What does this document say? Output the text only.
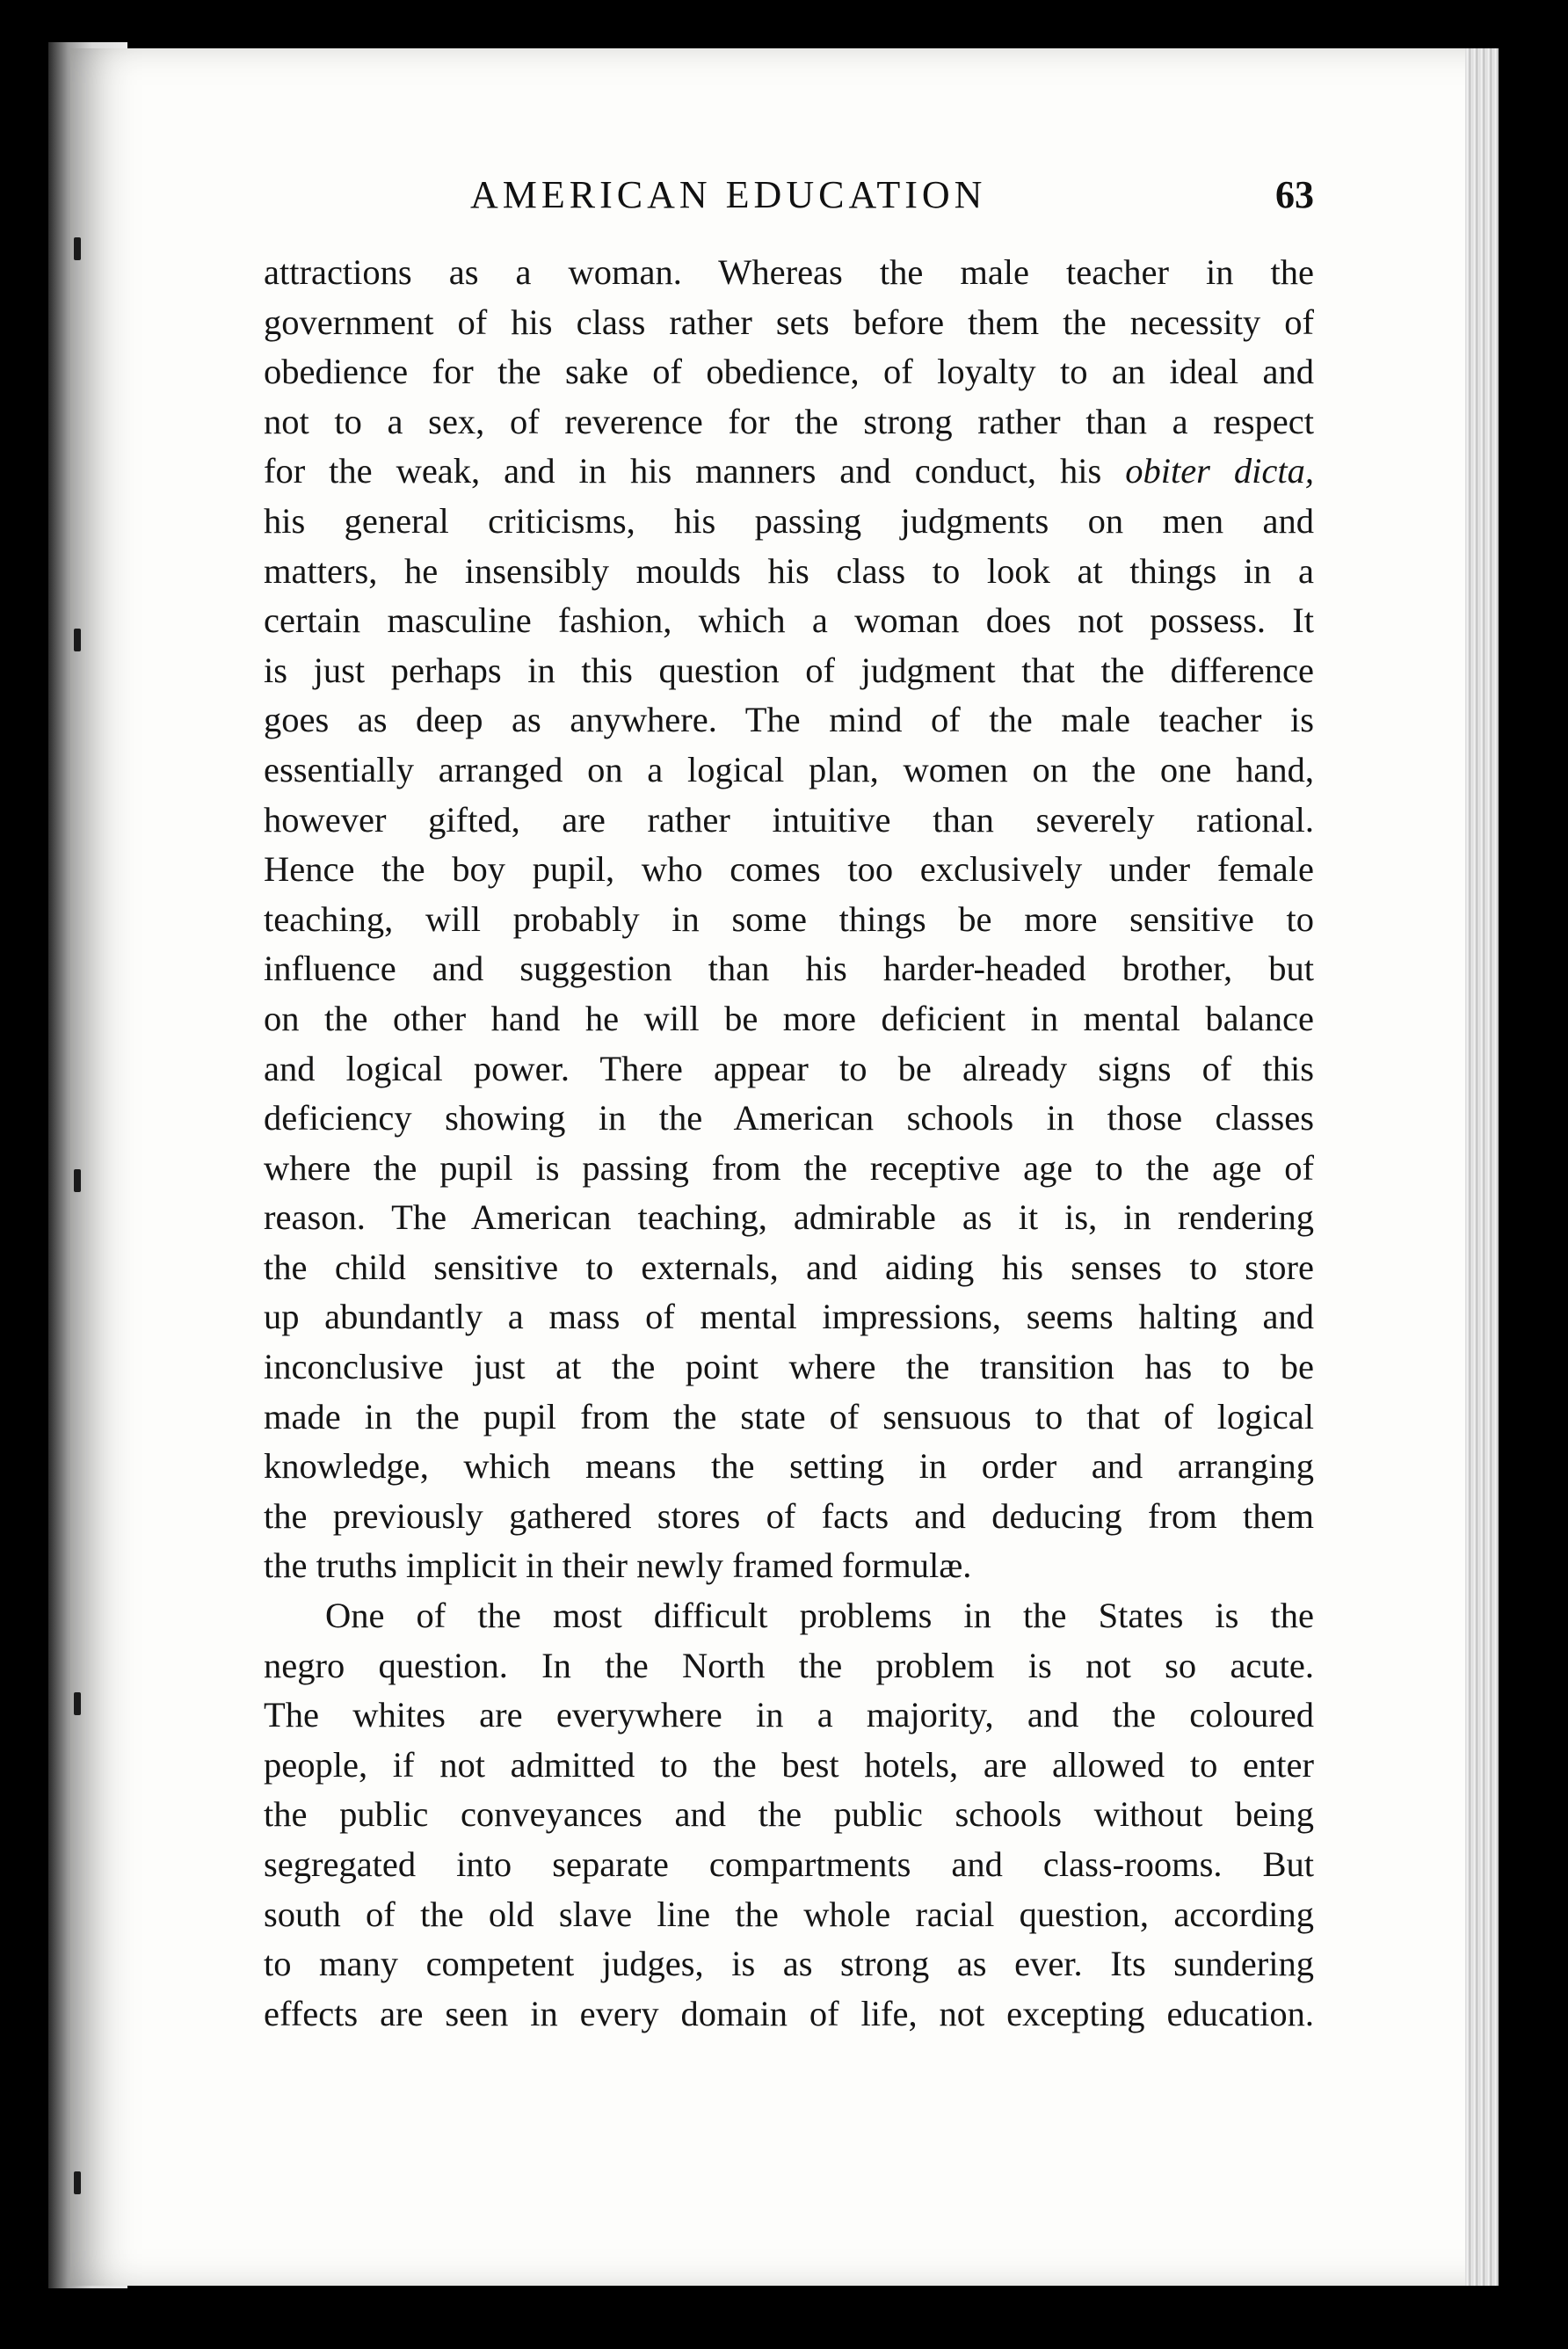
AMERICAN EDUCATION	63
attractions as a woman. Whereas the male teacher in the
government of his class rather sets before them the necessity of
obedience for the sake of obedience, of loyalty to an ideal and
not to a sex, of reverence for the strong rather than a respect
for the weak, and in his manners and conduct, his obiter dicta,
his general criticisms, his passing judgments on men and
matters, he insensibly moulds his class to look at things in a
certain masculine fashion, which a woman does not possess. It
is just perhaps in this question of judgment that the difference
goes as deep as anywhere. The mind of the male teacher is
essentially arranged on a logical plan, women on the one hand,
however gifted, are rather intuitive than severely rational.
Hence the boy pupil, who comes too exclusively under female
teaching, will probably in some things be more sensitive to
influence and suggestion than his harder-headed brother, but
on the other hand he will be more deficient in mental balance
and logical power. There appear to be already signs of this
deficiency showing in the American schools in those classes
where the pupil is passing from the receptive age to the age of
reason. The American teaching, admirable as it is, in rendering
the child sensitive to externals, and aiding his senses to store
up abundantly a mass of mental impressions, seems halting and
inconclusive just at the point where the transition has to be
made in the pupil from the state of sensuous to that of logical
knowledge, which means the setting in order and arranging
the previously gathered stores of facts and deducing from them
the truths implicit in their newly framed formulæ.
One of the most difficult problems in the States is the
negro question. In the North the problem is not so acute.
The whites are everywhere in a majority, and the coloured
people, if not admitted to the best hotels, are allowed to enter
the public conveyances and the public schools without being
segregated into separate compartments and class-rooms. But
south of the old slave line the whole racial question, according
to many competent judges, is as strong as ever. Its sundering
effects are seen in every domain of life, not excepting education.
